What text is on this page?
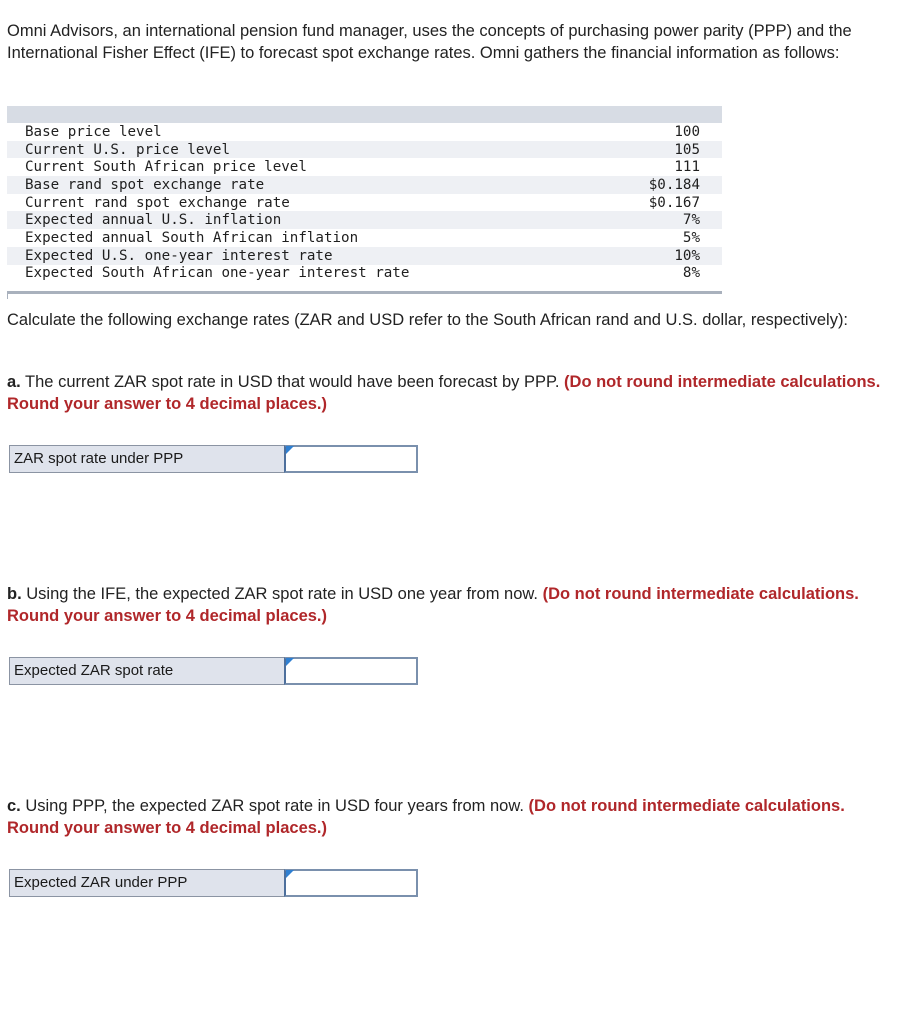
Omni Advisors, an international pension fund manager, uses the concepts of purchasing power parity (PPP) and the International Fisher Effect (IFE) to forecast spot exchange rates. Omni gathers the financial information as follows:

Base price level	100
Current U.S. price level	105
Current South African price level	111
Base rand spot exchange rate	$0.184
Current rand spot exchange rate	$0.167
Expected annual U.S. inflation	7%
Expected annual South African inflation	5%
Expected U.S. one-year interest rate	10%
Expected South African one-year interest rate	8%

Calculate the following exchange rates (ZAR and USD refer to the South African rand and U.S. dollar, respectively):

a. The current ZAR spot rate in USD that would have been forecast by PPP. (Do not round intermediate calculations. Round your answer to 4 decimal places.)

ZAR spot rate under PPP

b. Using the IFE, the expected ZAR spot rate in USD one year from now. (Do not round intermediate calculations. Round your answer to 4 decimal places.)

Expected ZAR spot rate

c. Using PPP, the expected ZAR spot rate in USD four years from now. (Do not round intermediate calculations. Round your answer to 4 decimal places.)

Expected ZAR under PPP
